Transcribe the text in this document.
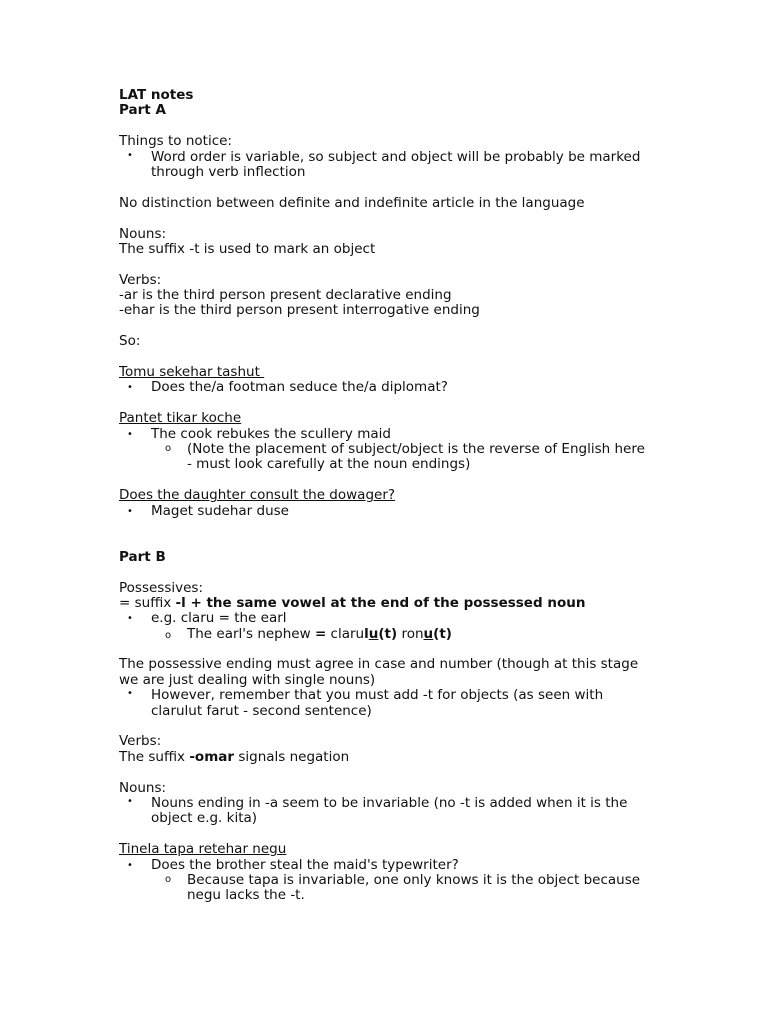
LAT notes
Part A
Things to notice:
• Word order is variable, so subject and object will be probably be marked
through verb inflection
No distinction between definite and indefinite article in the language
Nouns:
The suffix -t is used to mark an object
Verbs:
-ar is the third person present declarative ending
-ehar is the third person present interrogative ending
So:
Tomu sekehar tashut
• Does the/a footman seduce the/a diplomat?
Pantet tikar koche
• The cook rebukes the scullery maid
o (Note the placement of subject/object is the reverse of English here
- must look carefully at the noun endings)
Does the daughter consult the dowager?
• Maget sudehar duse
Part B
Possessives:
= suffix -l + the same vowel at the end of the possessed noun
• e.g. claru = the earl
o The earl's nephew = clarulu(t) ronu(t)
The possessive ending must agree in case and number (though at this stage
we are just dealing with single nouns)
• However, remember that you must add -t for objects (as seen with
clarulut farut - second sentence)
Verbs:
The suffix -omar signals negation
Nouns:
• Nouns ending in -a seem to be invariable (no -t is added when it is the
object e.g. kita)
Tinela tapa retehar negu
• Does the brother steal the maid's typewriter?
o Because tapa is invariable, one only knows it is the object because
negu lacks the -t.
